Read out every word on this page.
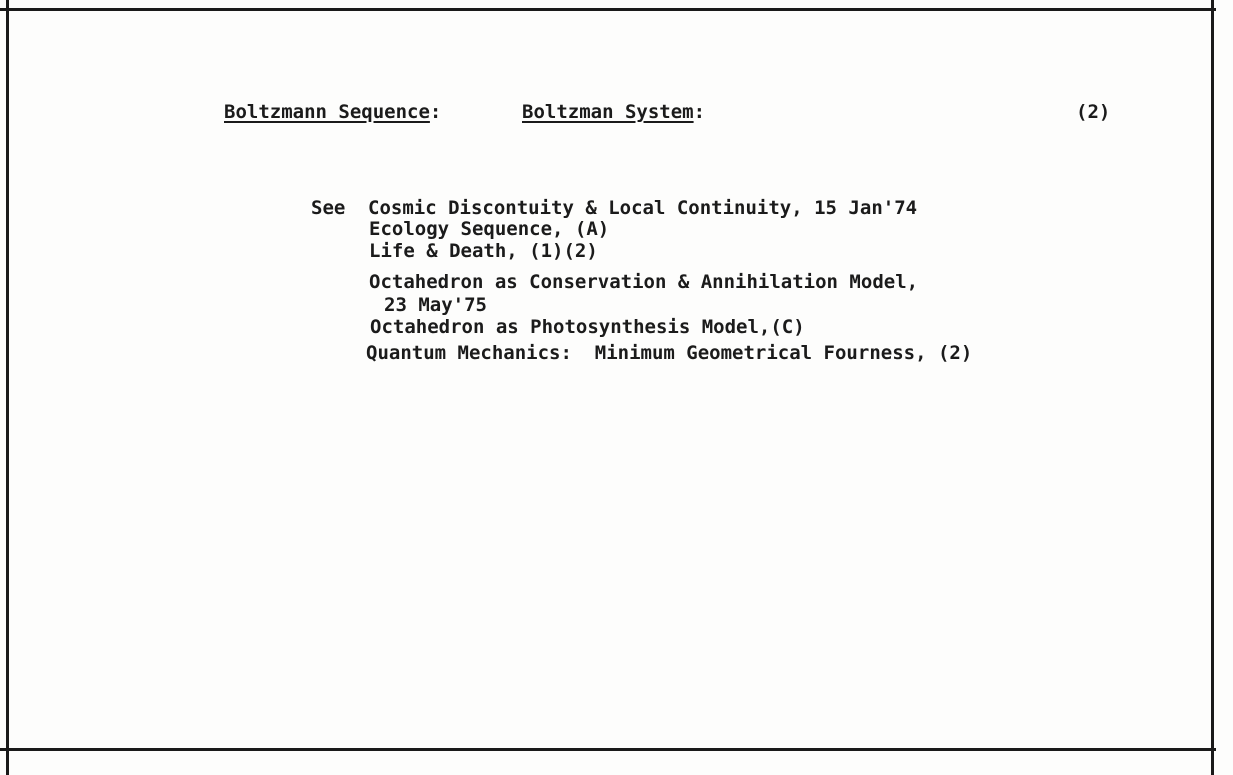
Boltzmann Sequence:	Boltzman System:	(2)
See Cosmic Discontuity & Local Continuity, 15 Jan'74
Ecology Sequence, (A)
Life & Death, (1)(2)
Octahedron as Conservation & Annihilation Model,
23 May'75
Octahedron as Photosynthesis Model,(C)
Quantum Mechanics:  Minimum Geometrical Fourness, (2)
